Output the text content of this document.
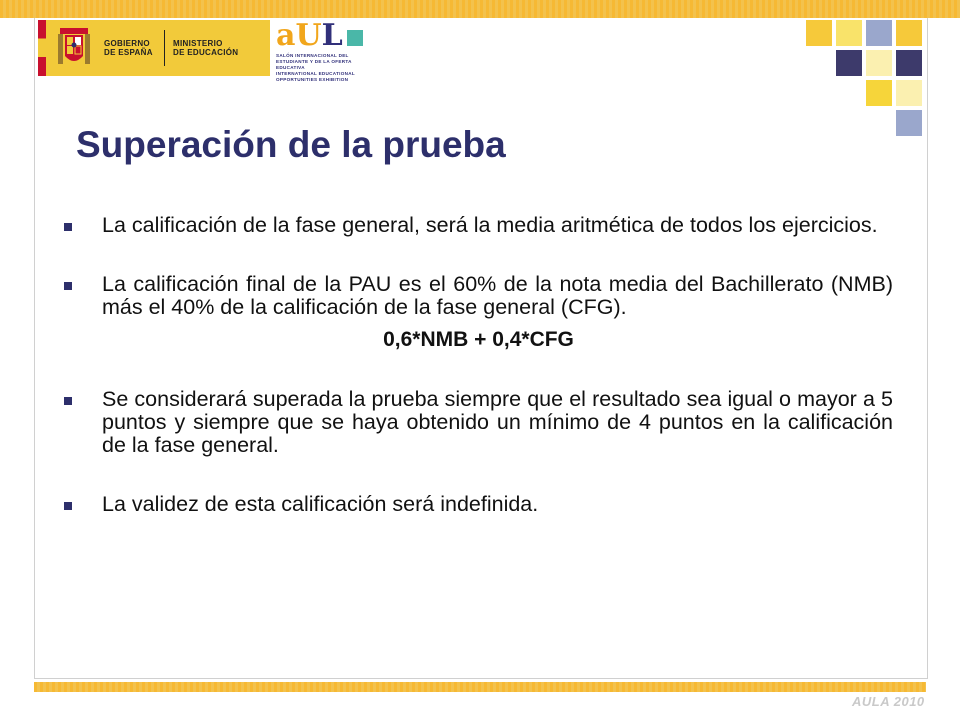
GOBIERNO
DE ESPAÑA
MINISTERIO
DE EDUCACIÓN a U L
SALÓN INTERNACIONAL DEL
ESTUDIANTE Y DE LA OFERTA EDUCATIVA
INTERNATIONAL EDUCATIONAL
OPPORTUNITIES EXHIBITION
Superación de la prueba
La calificación de la fase general, será la media aritmética de todos los ejercicios.
La calificación final de la PAU es el 60% de la nota media del Bachillerato (NMB) más el 40% de la calificación de la fase general (CFG).
0,6*NMB + 0,4*CFG
Se considerará superada la prueba siempre que el resultado sea igual o mayor a 5 puntos y siempre que se haya obtenido un mínimo de 4 puntos en la calificación de la fase general.
La validez de esta calificación será indefinida.
AULA 2010
